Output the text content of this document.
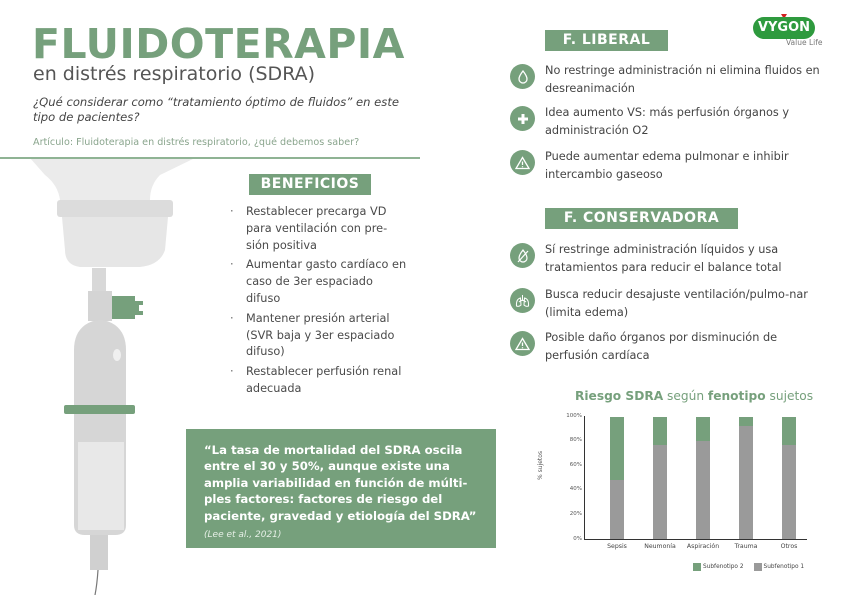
FLUIDOTERAPIA
en distrés respiratorio (SDRA)
¿Qué considerar como “tratamiento óptimo de fluidos” en este tipo de pacientes?
Artículo: Fluidoterapia en distrés respiratorio, ¿qué debemos saber?
VYGON
Value Life
BENEFICIOS
· Restablecer precarga VD para ventilación con pre-sión positiva
· Aumentar gasto cardíaco en caso de 3er espaciado difuso
· Mantener presión arterial (SVR baja y 3er espaciado difuso)
· Restablecer perfusión renal adecuada
“La tasa de mortalidad del SDRA oscila entre el 30 y 50%, aunque existe una amplia variabilidad en función de múlti-ples factores: factores de riesgo del paciente, gravedad y etiología del SDRA”
(Lee et al., 2021)
F. LIBERAL
No restringe administración ni elimina fluidos en desreanimación
Idea aumento VS: más perfusión órganos y administración O2
Puede aumentar edema pulmonar e inhibir intercambio gaseoso
F. CONSERVADORA
Sí restringe administración líquidos y usa tratamientos para reducir el balance total
Busca reducir desajuste ventilación/pulmo-nar (limita edema)
Posible daño órganos por disminución de perfusión cardíaca
Riesgo SDRA según fenotipo sujetos
% sujetos
100%
80%
60%
40%
20%
0%
Sepsis	Neumonía	Aspiración	Trauma	Otros
Subfenotipo 2	Subfenotipo 1
